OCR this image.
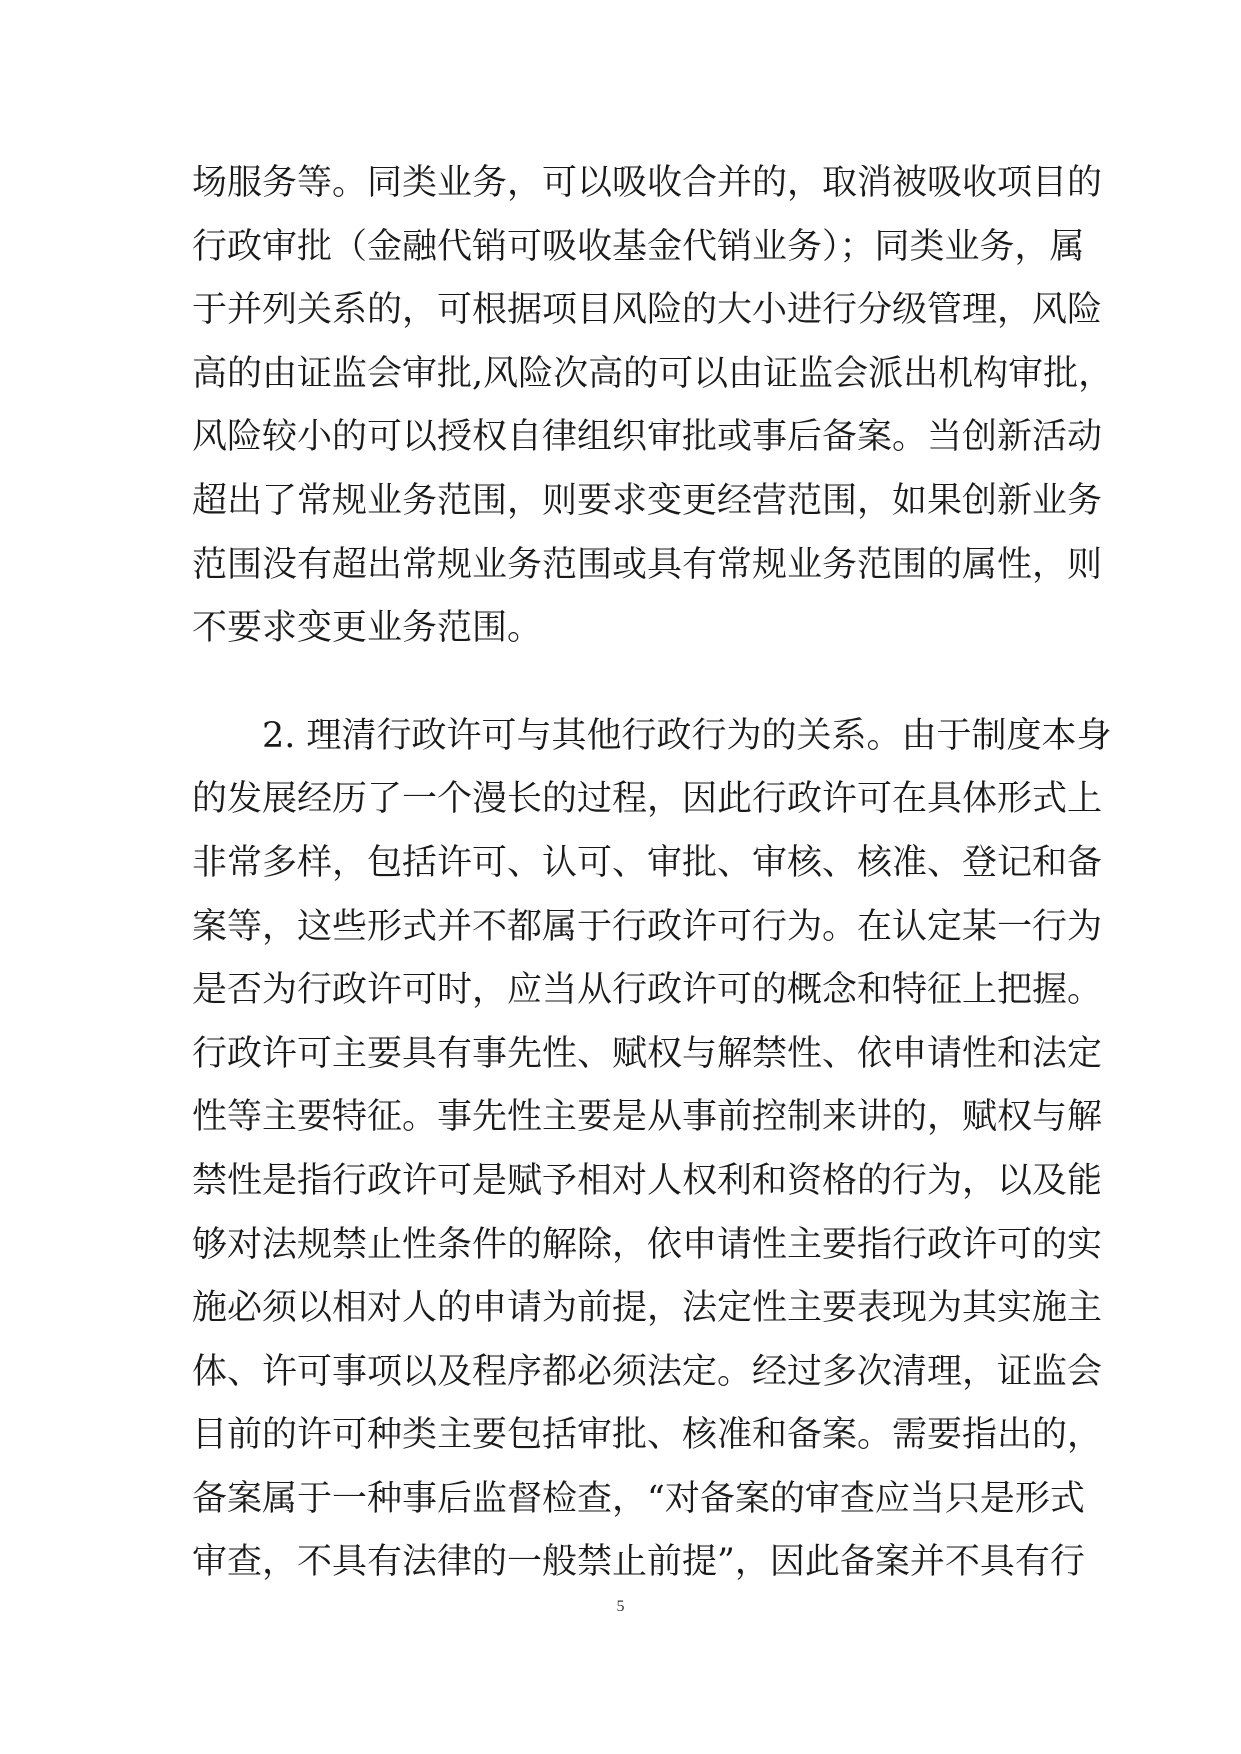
场服务等。同类业务，可以吸收合并的，取消被吸收项目的
行政审批（金融代销可吸收基金代销业务）；同类业务，属
于并列关系的，可根据项目风险的大小进行分级管理，风险
高的由证监会审批,风险次高的可以由证监会派出机构审批，
风险较小的可以授权自律组织审批或事后备案。当创新活动
超出了常规业务范围，则要求变更经营范围，如果创新业务
范围没有超出常规业务范围或具有常规业务范围的属性，则
不要求变更业务范围。
2. 理清行政许可与其他行政行为的关系。由于制度本身
的发展经历了一个漫长的过程，因此行政许可在具体形式上
非常多样，包括许可、认可、审批、审核、核准、登记和备
案等，这些形式并不都属于行政许可行为。在认定某一行为
是否为行政许可时，应当从行政许可的概念和特征上把握。
行政许可主要具有事先性、赋权与解禁性、依申请性和法定
性等主要特征。事先性主要是从事前控制来讲的，赋权与解
禁性是指行政许可是赋予相对人权利和资格的行为，以及能
够对法规禁止性条件的解除，依申请性主要指行政许可的实
施必须以相对人的申请为前提，法定性主要表现为其实施主
体、许可事项以及程序都必须法定。经过多次清理，证监会
目前的许可种类主要包括审批、核准和备案。需要指出的，
备案属于一种事后监督检查，“对备案的审查应当只是形式
审查，不具有法律的一般禁止前提”，因此备案并不具有行
5
